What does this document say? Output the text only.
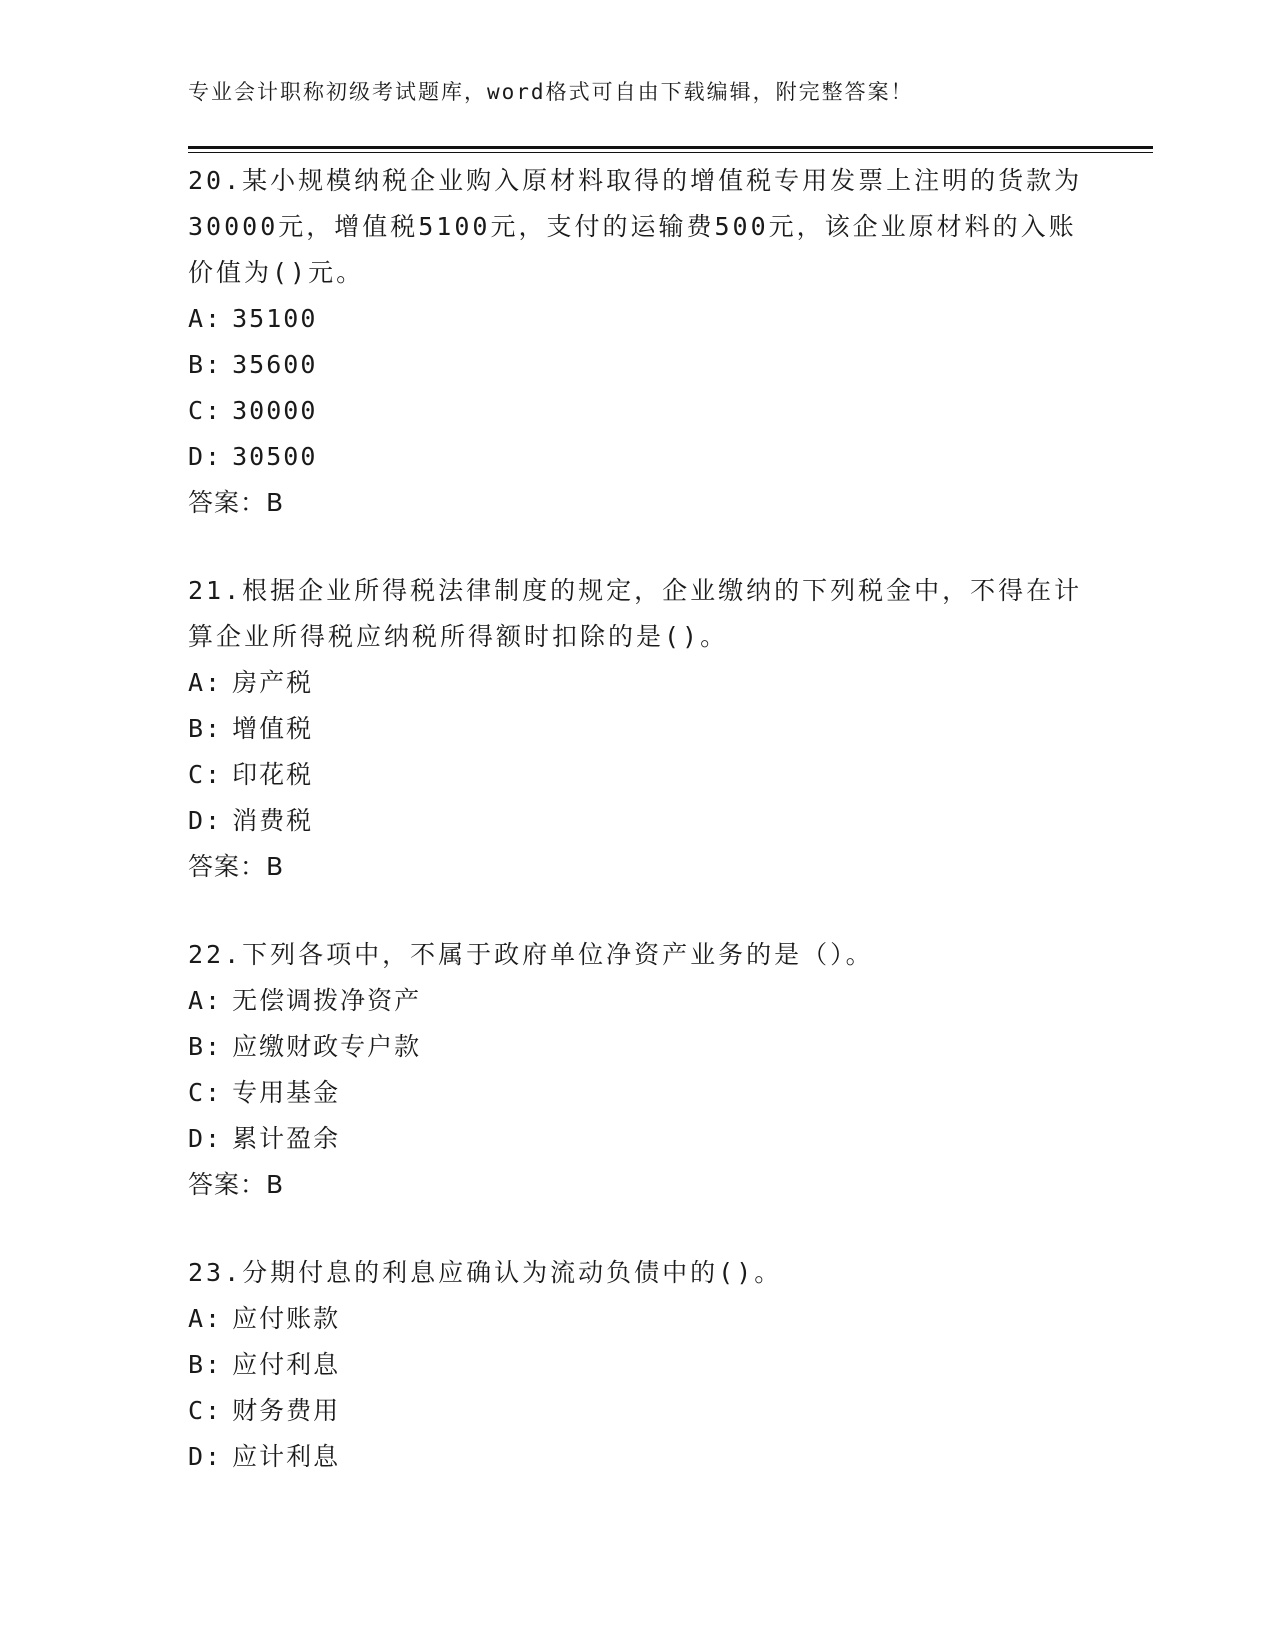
专业会计职称初级考试题库，word格式可自由下载编辑，附完整答案！

20.某小规模纳税企业购入原材料取得的增值税专用发票上注明的货款为30000元，增值税5100元，支付的运输费500元，该企业原材料的入账价值为()元。

A: 35100
B: 35600
C: 30000
D: 30500
答案：B

21.根据企业所得税法律制度的规定，企业缴纳的下列税金中，不得在计算企业所得税应纳税所得额时扣除的是()。

A: 房产税
B: 增值税
C: 印花税
D: 消费税
答案：B

22.下列各项中，不属于政府单位净资产业务的是（）。

A: 无偿调拨净资产
B: 应缴财政专户款
C: 专用基金
D: 累计盈余
答案：B

23.分期付息的利息应确认为流动负债中的()。

A: 应付账款
B: 应付利息
C: 财务费用
D: 应计利息
